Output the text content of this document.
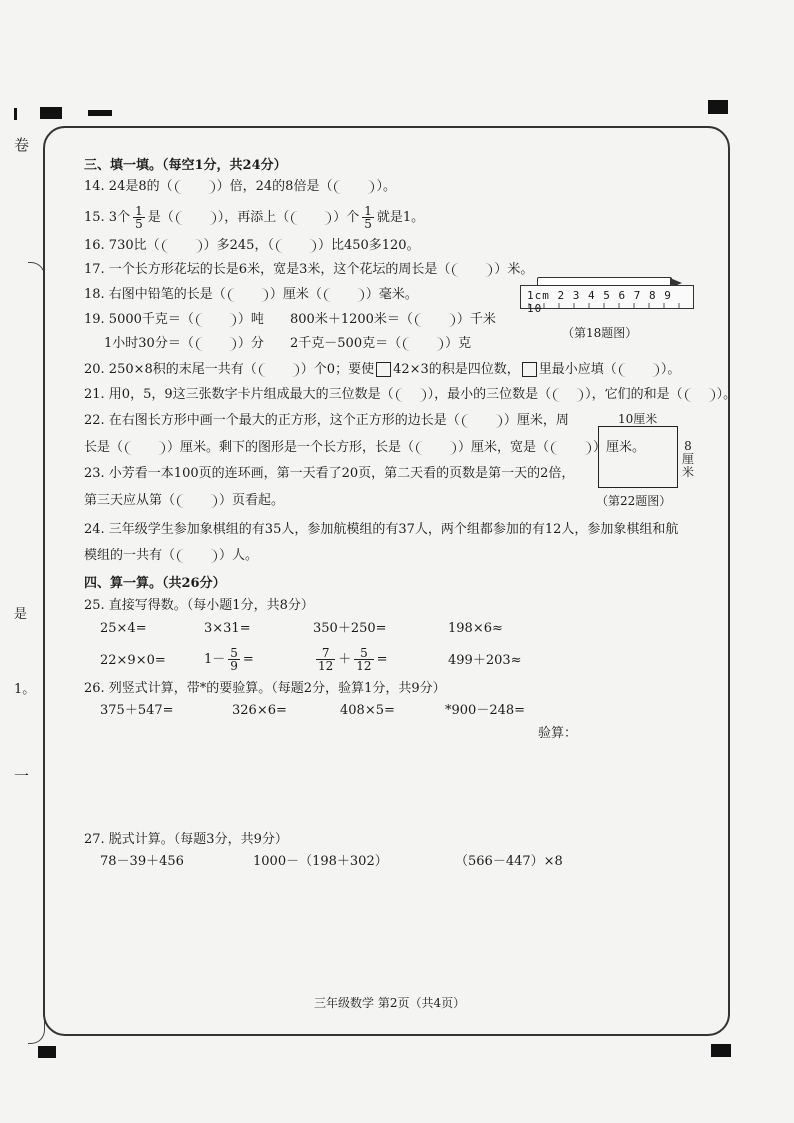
卷
是
1。
一
三、填一填。（每空1分，共24分）
14. 24是8的（	）倍，24的8倍是（	）。
15. 3个 $\frac{1}{5}$ 是（	），再添上（	）个 $\frac{1}{5}$ 就是1。
16. 730比（	）多245，（	）比450多120。
17. 一个长方形花坛的长是6米，宽是3米，这个花坛的周长是（	）米。
18. 右图中铅笔的长是（	）厘米（	）毫米。	1cm 2 3 4 5 6 7 8 9 10
（第18题图）
19. 5000千克＝（	）吨 800米＋1200米＝（	）千米
1小时30分＝（	）分 2千克－500克＝（	）克
20. 250×8积的末尾一共有（	）个0；要使 42×3的积是四位数， 里最小应填（	）。
21. 用0，5，9这三张数字卡片组成最大的三位数是（	），最小的三位数是（	），它们的和是（	）。
22. 在右图长方形中画一个最大的正方形，这个正方形的边长是（	）厘米，周
长是（	）厘米。剩下的图形是一个长方形，长是（	）厘米，宽是（	）厘米。
10厘米
8厘米
（第22题图）
23. 小芳看一本100页的连环画，第一天看了20页，第二天看的页数是第一天的2倍，
第三天应从第（	）页看起。
24. 三年级学生参加象棋组的有35人，参加航模组的有37人，两个组都参加的有12人，参加象棋组和航
模组的一共有（	）人。
四、算一算。（共26分）
25. 直接写得数。（每小题1分，共8分）
25×4=	3×31=	350＋250=	198×6≈
22×9×0=	$1- \frac{5}{9}$ =	$\frac{7}{12} + \frac{5}{12}$ =	499＋203≈
26. 列竖式计算，带*的要验算。（每题2分，验算1分，共9分）
375＋547=	326×6=	408×5=	*900－248=
验算：
27. 脱式计算。（每题3分，共9分）
78－39＋456	1000－（198＋302）	（566－447）×8
三年级数学 第2页（共4页）
